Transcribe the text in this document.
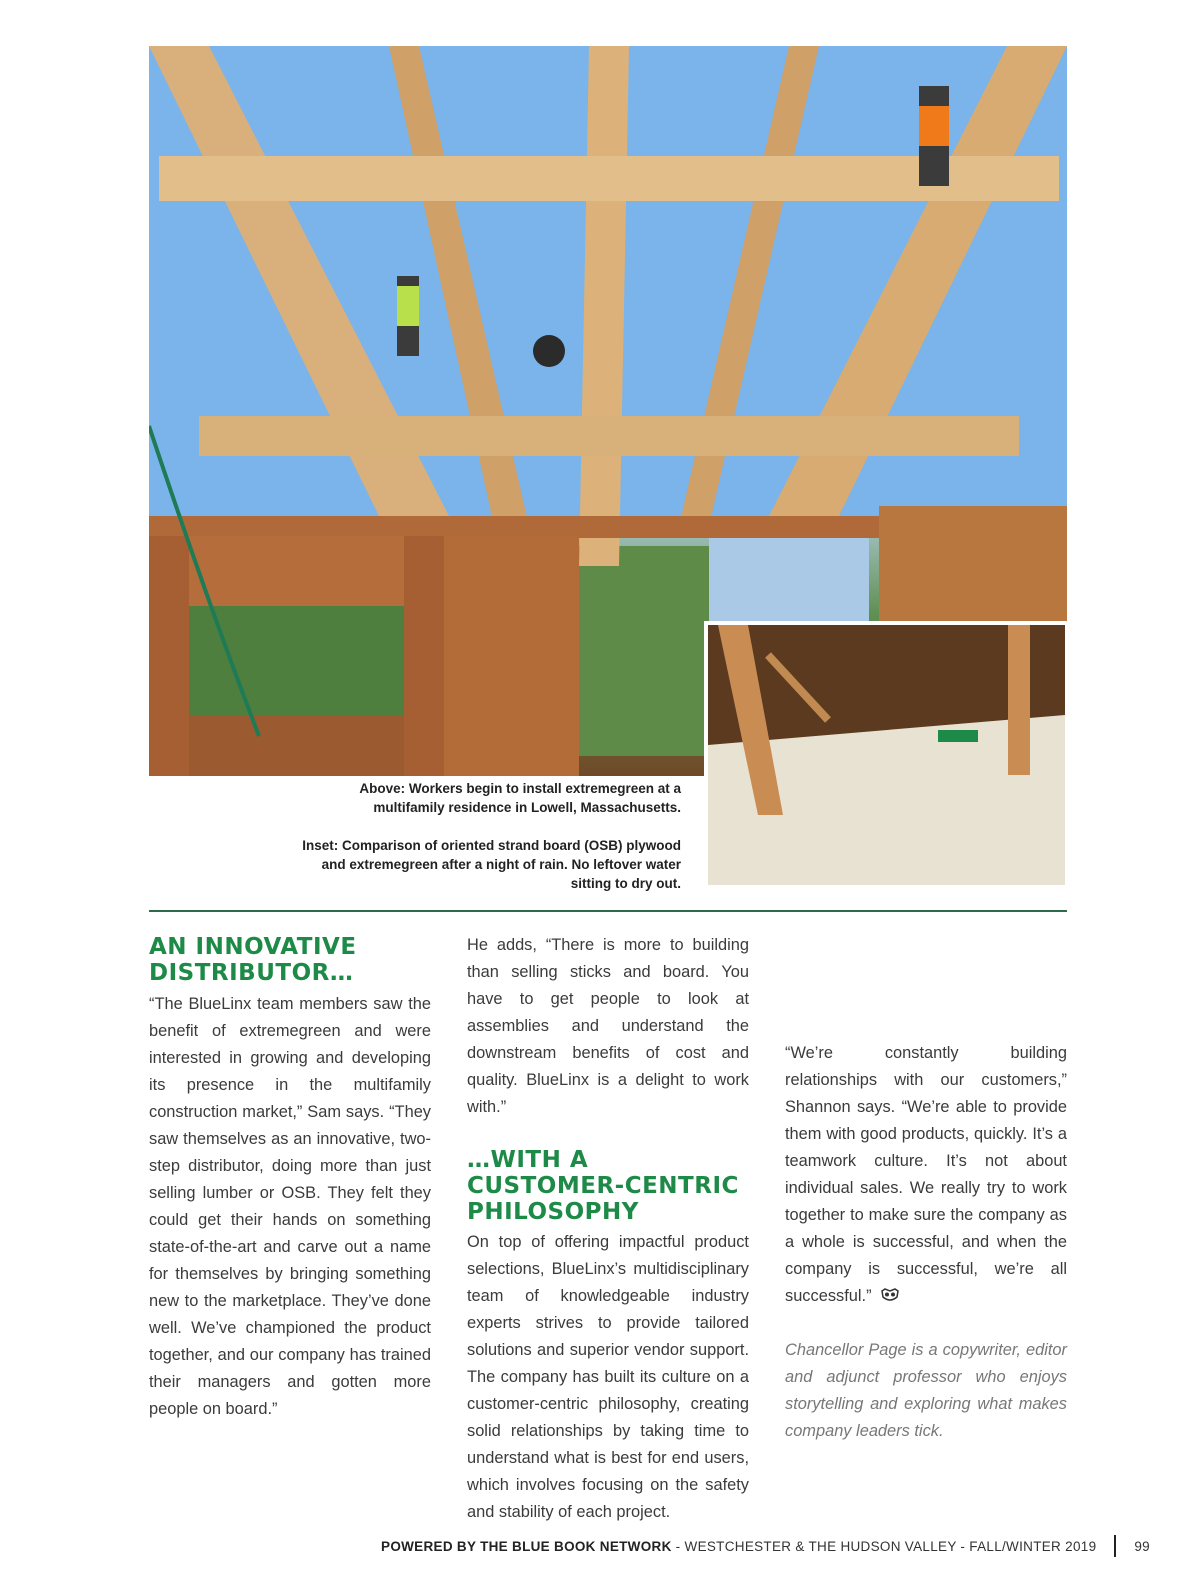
Above: Workers begin to install extremegreen at a multifamily residence in Lowell, Massachusetts.

Inset: Comparison of oriented strand board (OSB) plywood and extremegreen after a night of rain. No leftover water sitting to dry out.

AN INNOVATIVE DISTRIBUTOR…

“The BlueLinx team members saw the benefit of extremegreen and were interested in growing and developing its presence in the multifamily construction market,” Sam says. “They saw themselves as an innovative, two-step distributor, doing more than just selling lumber or OSB. They felt they could get their hands on something state-of-the-art and carve out a name for themselves by bringing something new to the marketplace. They’ve done well. We’ve championed the product together, and our company has trained their managers and gotten more people on board.”

He adds, “There is more to building than selling sticks and board. You have to get people to look at assemblies and understand the downstream benefits of cost and quality. BlueLinx is a delight to work with.”

…WITH A CUSTOMER-CENTRIC PHILOSOPHY

On top of offering impactful product selections, BlueLinx’s multidisciplinary team of knowledgeable industry experts strives to provide tailored solutions and superior vendor support. The company has built its culture on a customer-centric philosophy, creating solid relationships by taking time to understand what is best for end users, which involves focusing on the safety and stability of each project.

“We’re constantly building relationships with our customers,” Shannon says. “We’re able to provide them with good products, quickly. It’s a teamwork culture. It’s not about individual sales. We really try to work together to make sure the company as a whole is successful, and when the company is successful, we’re all successful.”

Chancellor Page is a copywriter, editor and adjunct professor who enjoys storytelling and exploring what makes company leaders tick.

POWERED BY THE BLUE BOOK NETWORK - WESTCHESTER & THE HUDSON VALLEY - FALL/WINTER 2019	99
